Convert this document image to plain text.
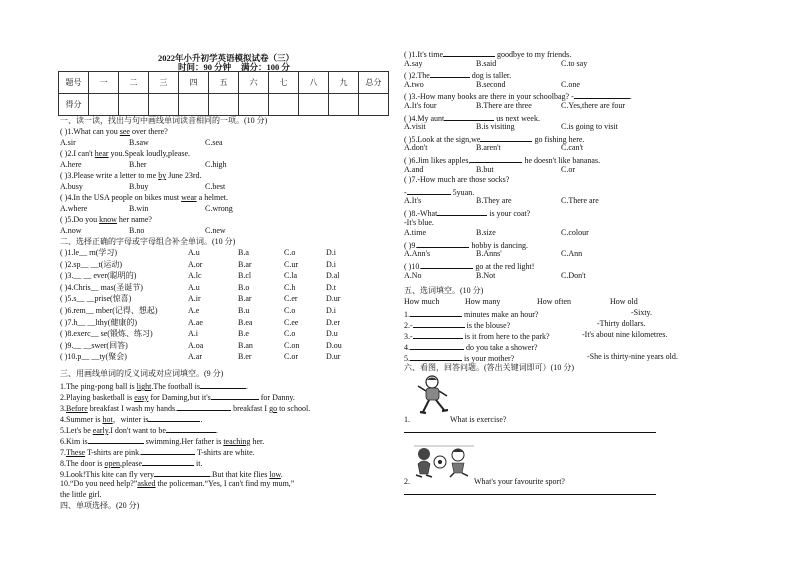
2022年小升初学英语模拟试卷（三）
时间：90 分钟 满分：100 分
题号	一	二	三	四	五	六	七	八	九	总分
得分										
一、读一读，找出与句中画线单词读音相同的一项。(10 分)
( )1.What can you see over there?
A.sir	B.saw	C.sea
( )2.I can't hear you.Speak loudly,please.
A.here	B.her	C.high
( )3.Please write a letter to me by June 23rd.
A.busy	B.buy	C.best
( )4.In the USA people on bikes must wear a helmet.
A.where	B.win	C.wrong
( )5.Do you know her name?
A.now	B.no	C.new
二、选择正确的字母或字母组合补全单词。(10 分)
( )1.le__ rn(学习)	A.u	B.a	C.o	D.i
( )2.sp__ __t(运动)	A.or	B.ar	C.ur	D.i
( )3.__ __ ever(聪明的)	A.lc	B.cl	C.la	D.al
( )4.Chris__ mas(圣诞节)	A.u	B.o	C.h	D.t
( )5.s__ __prise(惊喜)	A.ir	B.ar	C.er	D.ur
( )6.rem__ mber(记得、想起)	A.e	B.u	C.o	D.i
( )7.h__ __lthy(健康的)	A.ae	B.ea	C.ee	D.er
( )8.exerc__ se(锻炼、练习)	A.i	B.e	C.o	D.u
( )9.__ __swer(回答)	A.oa	B.an	C.on	D.ou
( )10.p__ __ty(聚会)	A.ar	B.er	C.or	D.ur
三、用画线单词的反义词或对应词填空。(9 分)
1.The ping-pong ball is light.The football is	.
2.Playing basketball is easy for Daming,but it's	for Danny.
3.Before breakfast I wash my hands.	breakfast I go to school.
4.Summer is hot，winter is	.
5.Let's be early.I don't want to be	.
6.Kim is	swimming.Her father is teaching her.
7.These T-shirts are pink.	T-shirts are white.
8.The door is open,please	it.
9.Look!This kite can fly very	.But that kite flies low.
10.“Do you need help?”asked the policeman.“Yes, I can't find my mum,”
the little girl.
四、单项选择。(20 分)
( )1.It's time	goodbye to my friends.
A.say	B.said	C.to say
( )2.The	dog is taller.
A.two	B.second	C.one
( )3.-How many books are there in your schoolbag? -	.
A.It's four	B.There are three	C.Yes,there are four
( )4.My aunt	us next week.
A.visit	B.is visiting	C.is going to visit
( )5.Look at the sign,we	go fishing here.
A.don't	B.aren't	C.can't
( )6.Jim likes apples,	he doesn't like bananas.
A.and	B.but	C.or
( )7.-How much are those socks?
-	5yuan.
A.It's	B.They are	C.There are
( )8.-What	is your coat?
-It's blue.
A.time	B.size	C.colour
( )9.	hobby is dancing.
A.Ann's	B.Anns'	C.Ann
( )10.	go at the red light!
A.No	B.Not	C.Don't
五、选词填空。(10 分)
How much	How many	How often	How old
1.	minutes make an hour?	-Sixty.
2.-	is the blouse?	-Thirty dollars.
3.-	is it from here to the park?	-It's about nine kilometres.
4.	do you take a shower?
5.	is your mother?	-She is thirty-nine years old.
六、看图，回答问题。(答出关键词即可）(10 分)
1.	What is exercise?
2.	What's your favourite sport?
